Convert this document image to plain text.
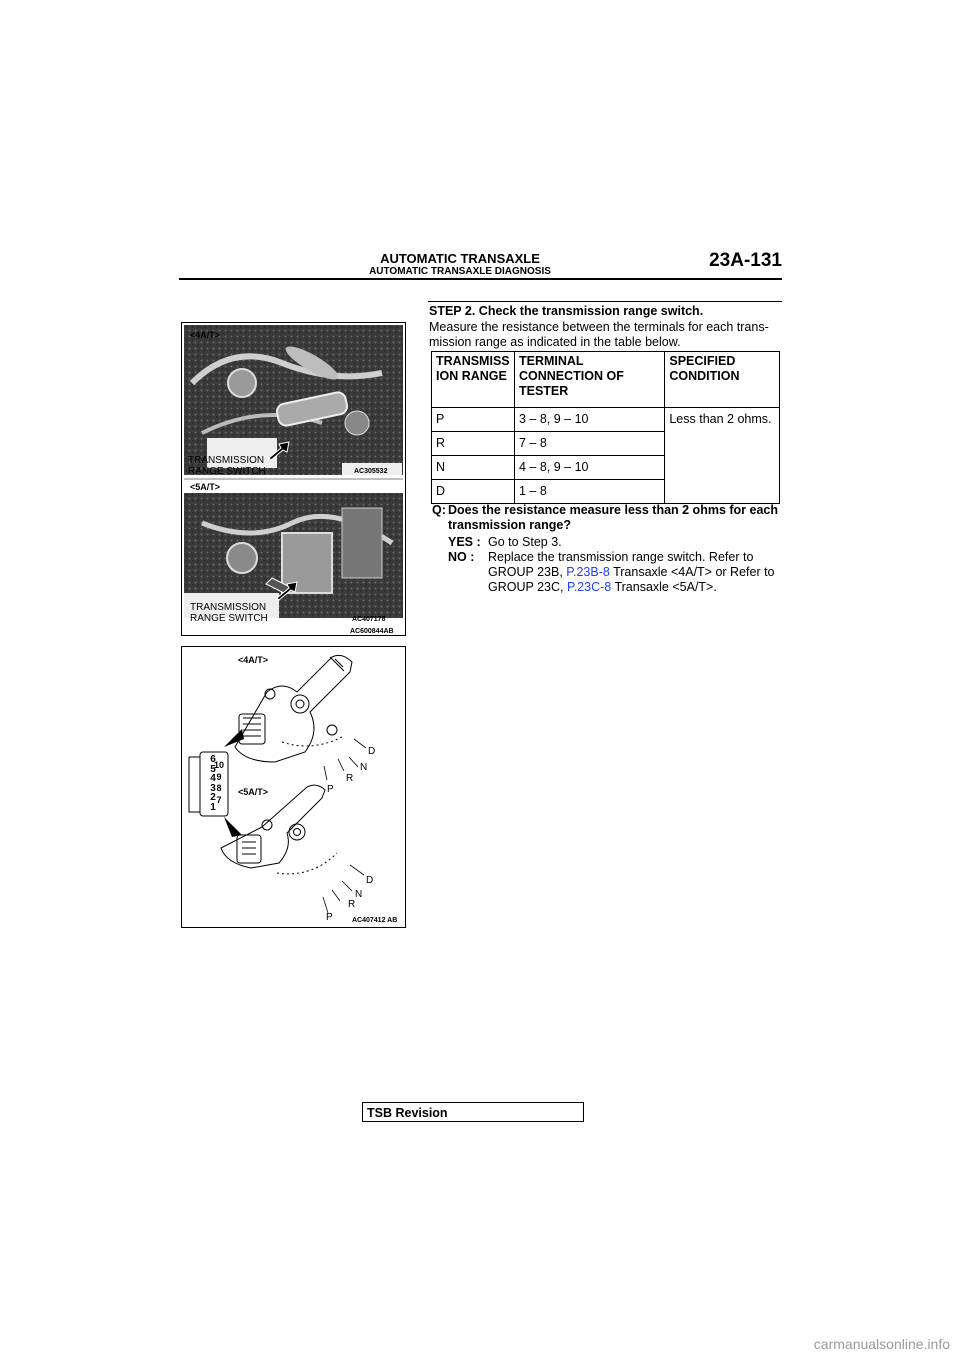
AUTOMATIC TRANSAXLE
AUTOMATIC TRANSAXLE DIAGNOSIS
23A-131
<4A/T>
TRANSMISSION
RANGE SWITCH	AC305532
<5A/T>
TRANSMISSION
RANGE SWITCH	AC407178
AC600844AB
<4A/T>
<5A/T>
D
N
R
P
D
N
R
P	AC407412 AB
6
5
4
3
2
1
10
9
8
7
STEP 2. Check the transmission range switch.
Measure the resistance between the terminals for each trans-mission range as indicated in the table below.
TRANSMISS ION RANGE	TERMINAL CONNECTION OF TESTER	SPECIFIED CONDITION
P	3 – 8, 9 – 10	Less than 2 ohms.
R	7 – 8	
N	4 – 8, 9 – 10	
D	1 – 8	
Q: Does the resistance measure less than 2 ohms for each transmission range?
YES : Go to Step 3.
NO : Replace the transmission range switch. Refer to
GROUP 23B, P.23B-8 Transaxle <4A/T> or Refer to
GROUP 23C, P.23C-8 Transaxle <5A/T>.
TSB Revision
carmanualsonline.info
